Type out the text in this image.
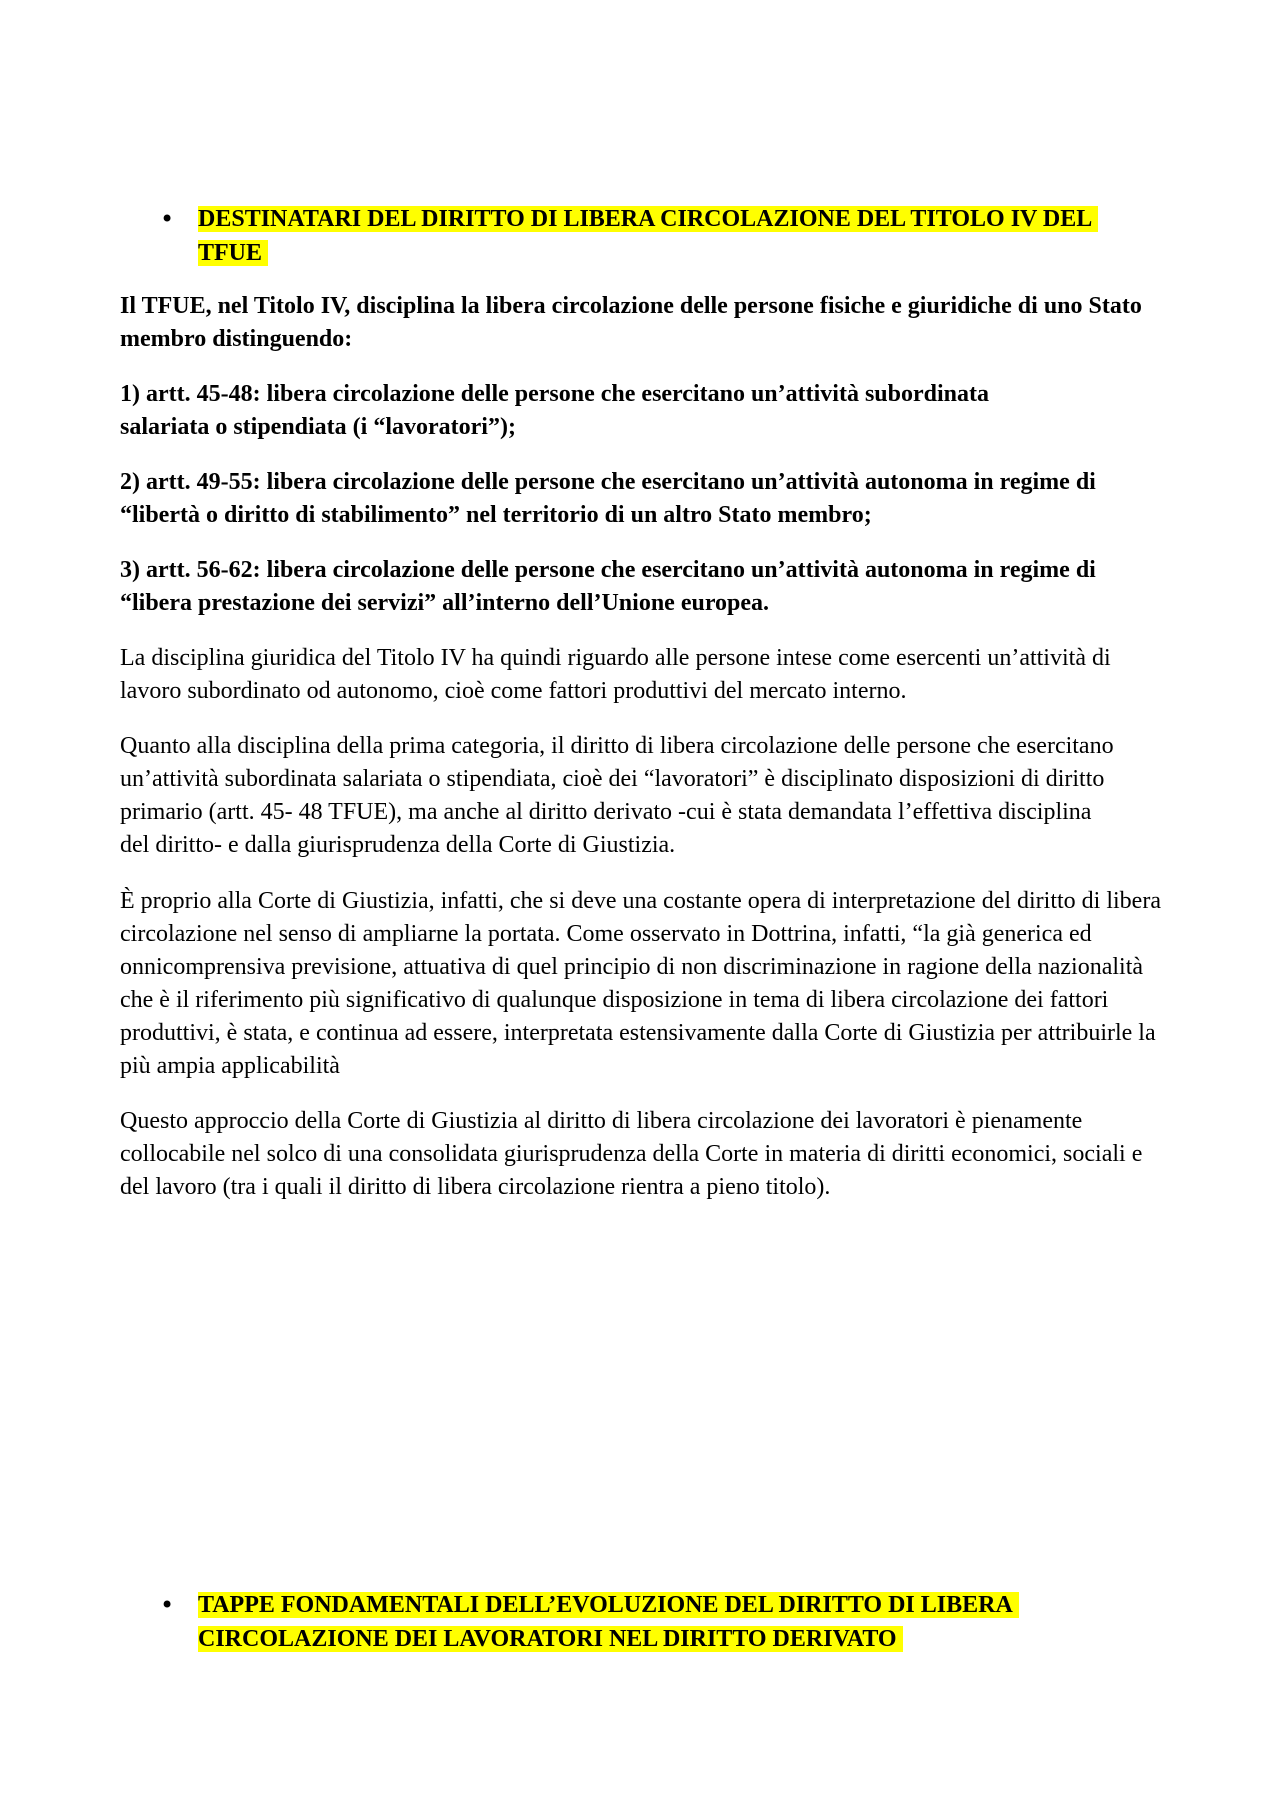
• DESTINATARI DEL DIRITTO DI LIBERA CIRCOLAZIONE DEL TITOLO IV DEL TFUE

Il TFUE, nel Titolo IV, disciplina la libera circolazione delle persone fisiche e giuridiche di uno Stato membro distinguendo:

1) artt. 45-48: libera circolazione delle persone che esercitano un’attività subordinata salariata o stipendiata (i “lavoratori”);

2) artt. 49-55: libera circolazione delle persone che esercitano un’attività autonoma in regime di “libertà o diritto di stabilimento” nel territorio di un altro Stato membro;

3) artt. 56-62: libera circolazione delle persone che esercitano un’attività autonoma in regime di “libera prestazione dei servizi” all’interno dell’Unione europea.

La disciplina giuridica del Titolo IV ha quindi riguardo alle persone intese come esercenti un’attività di lavoro subordinato od autonomo, cioè come fattori produttivi del mercato interno.

Quanto alla disciplina della prima categoria, il diritto di libera circolazione delle persone che esercitano un’attività subordinata salariata o stipendiata, cioè dei “lavoratori” è disciplinato disposizioni di diritto primario (artt. 45- 48 TFUE), ma anche al diritto derivato -cui è stata demandata l’effettiva disciplina del diritto- e dalla giurisprudenza della Corte di Giustizia.

È proprio alla Corte di Giustizia, infatti, che si deve una costante opera di interpretazione del diritto di libera circolazione nel senso di ampliarne la portata. Come osservato in Dottrina, infatti, “la già generica ed onnicomprensiva previsione, attuativa di quel principio di non discriminazione in ragione della nazionalità che è il riferimento più significativo di qualunque disposizione in tema di libera circolazione dei fattori produttivi, è stata, e continua ad essere, interpretata estensivamente dalla Corte di Giustizia per attribuirle la più ampia applicabilità

Questo approccio della Corte di Giustizia al diritto di libera circolazione dei lavoratori è pienamente collocabile nel solco di una consolidata giurisprudenza della Corte in materia di diritti economici, sociali e del lavoro (tra i quali il diritto di libera circolazione rientra a pieno titolo).

• TAPPE FONDAMENTALI DELL’EVOLUZIONE DEL DIRITTO DI LIBERA CIRCOLAZIONE DEI LAVORATORI NEL DIRITTO DERIVATO
